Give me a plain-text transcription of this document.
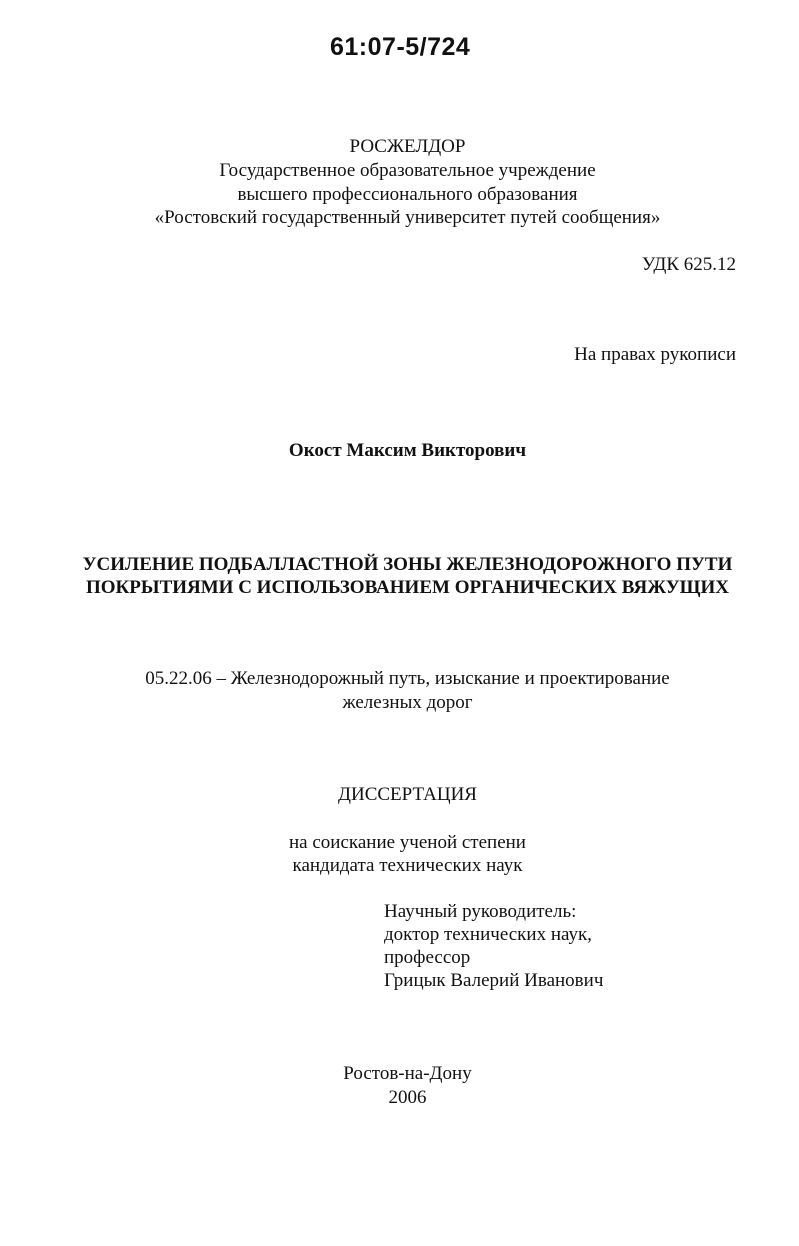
61:07-5/724
РОСЖЕЛДОР
Государственное образовательное учреждение
высшего профессионального образования
«Ростовский государственный университет путей сообщения»
УДК 625.12
На правах рукописи
Окост Максим Викторович
УСИЛЕНИЕ ПОДБАЛЛАСТНОЙ ЗОНЫ ЖЕЛЕЗНОДОРОЖНОГО ПУТИ
ПОКРЫТИЯМИ С ИСПОЛЬЗОВАНИЕМ ОРГАНИЧЕСКИХ ВЯЖУЩИХ
05.22.06 – Железнодорожный путь, изыскание и проектирование
железных дорог
ДИССЕРТАЦИЯ
на соискание ученой степени
кандидата технических наук
Научный руководитель:
доктор технических наук,
профессор
Грицык Валерий Иванович
Ростов-на-Дону
2006
